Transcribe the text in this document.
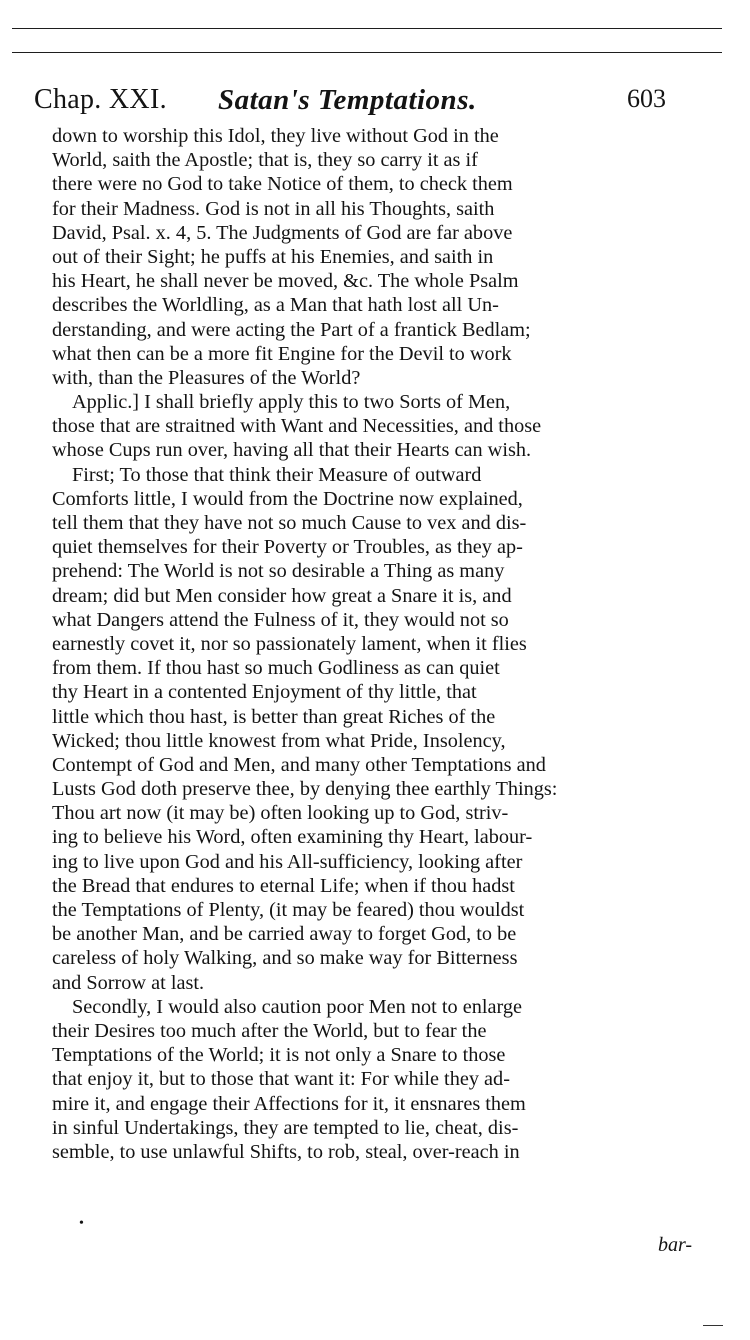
Chap. XXI. Satan's Temptations.	603
down to worship this Idol, they live without God in the
World, saith the Apostle; that is, they so carry it as if
there were no God to take Notice of them, to check them
for their Madness. God is not in all his Thoughts, saith
David, Psal. x. 4, 5. The Judgments of God are far above
out of their Sight; he puffs at his Enemies, and saith in
his Heart, he shall never be moved, &c. The whole Psalm
describes the Worldling, as a Man that hath lost all Un-
derstanding, and were acting the Part of a frantick Bedlam;
what then can be a more fit Engine for the Devil to work
with, than the Pleasures of the World?
Applic.] I shall briefly apply this to two Sorts of Men,
those that are straitned with Want and Necessities, and those
whose Cups run over, having all that their Hearts can wish.
First; To those that think their Measure of outward
Comforts little, I would from the Doctrine now explained,
tell them that they have not so much Cause to vex and dis-
quiet themselves for their Poverty or Troubles, as they ap-
prehend: The World is not so desirable a Thing as many
dream; did but Men consider how great a Snare it is, and
what Dangers attend the Fulness of it, they would not so
earnestly covet it, nor so passionately lament, when it flies
from them. If thou hast so much Godliness as can quiet
thy Heart in a contented Enjoyment of thy little, that
little which thou hast, is better than great Riches of the
Wicked; thou little knowest from what Pride, Insolency,
Contempt of God and Men, and many other Temptations and
Lusts God doth preserve thee, by denying thee earthly Things:
Thou art now (it may be) often looking up to God, striv-
ing to believe his Word, often examining thy Heart, labour-
ing to live upon God and his All-sufficiency, looking after
the Bread that endures to eternal Life; when if thou hadst
the Temptations of Plenty, (it may be feared) thou wouldst
be another Man, and be carried away to forget God, to be
careless of holy Walking, and so make way for Bitterness
and Sorrow at last.
Secondly, I would also caution poor Men not to enlarge
their Desires too much after the World, but to fear the
Temptations of the World; it is not only a Snare to those
that enjoy it, but to those that want it: For while they ad-
mire it, and engage their Affections for it, it ensnares them
in sinful Undertakings, they are tempted to lie, cheat, dis-
semble, to use unlawful Shifts, to rob, steal, over-reach in
•
bar-
